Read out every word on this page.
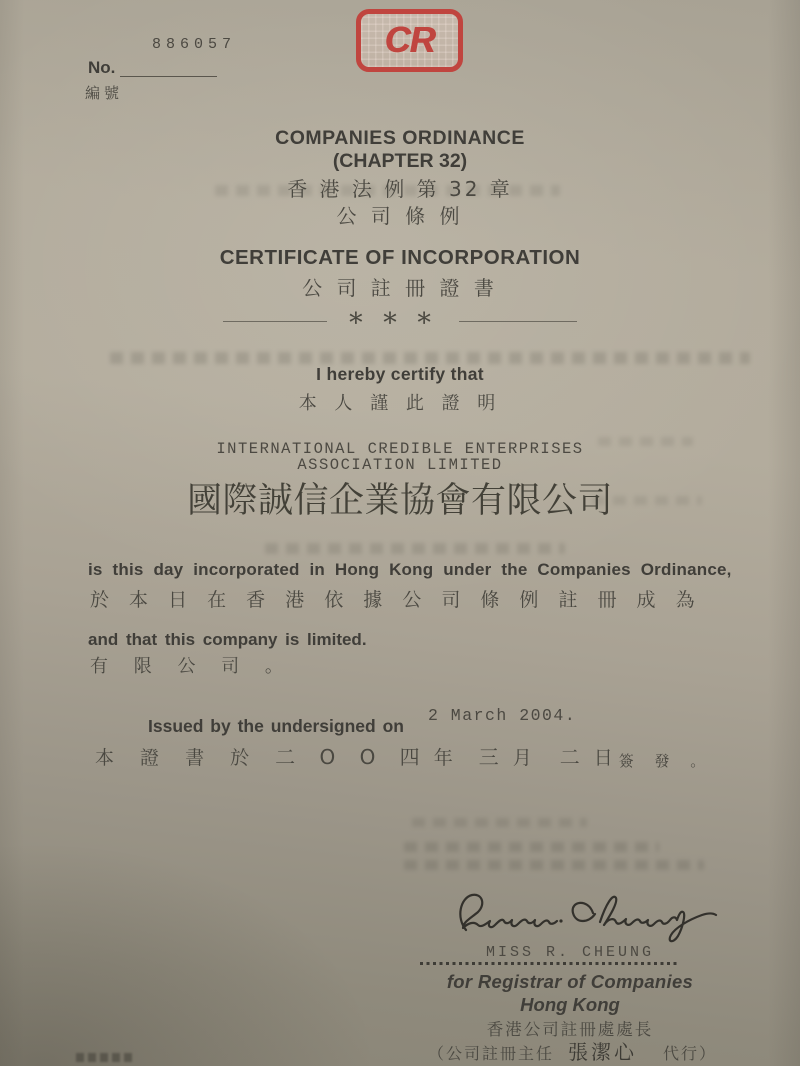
886057
No.
編號
CR
COMPANIES ORDINANCE
(CHAPTER 32)
香 港 法 例 第 32 章
公 司 條 例
CERTIFICATE OF INCORPORATION
公 司 註 冊 證 書
* * *
I hereby certify that
本 人 謹 此 證 明
INTERNATIONAL CREDIBLE ENTERPRISES
ASSOCIATION LIMITED
國際誠信企業協會有限公司
is this day incorporated in Hong Kong under the Companies Ordinance,
於 本 日 在 香 港 依 據 公 司 條 例 註 冊 成 為
and that this company is limited.
有 限 公 司 。
Issued by the undersigned on
2 March 2004.
本 證 書 於 二 O O 四 年 三 月 二 日 簽 發 。
MISS R. CHEUNG
for Registrar of Companies
Hong Kong
香港公司註冊處處長
（公司註冊主任 張潔心 代行）
